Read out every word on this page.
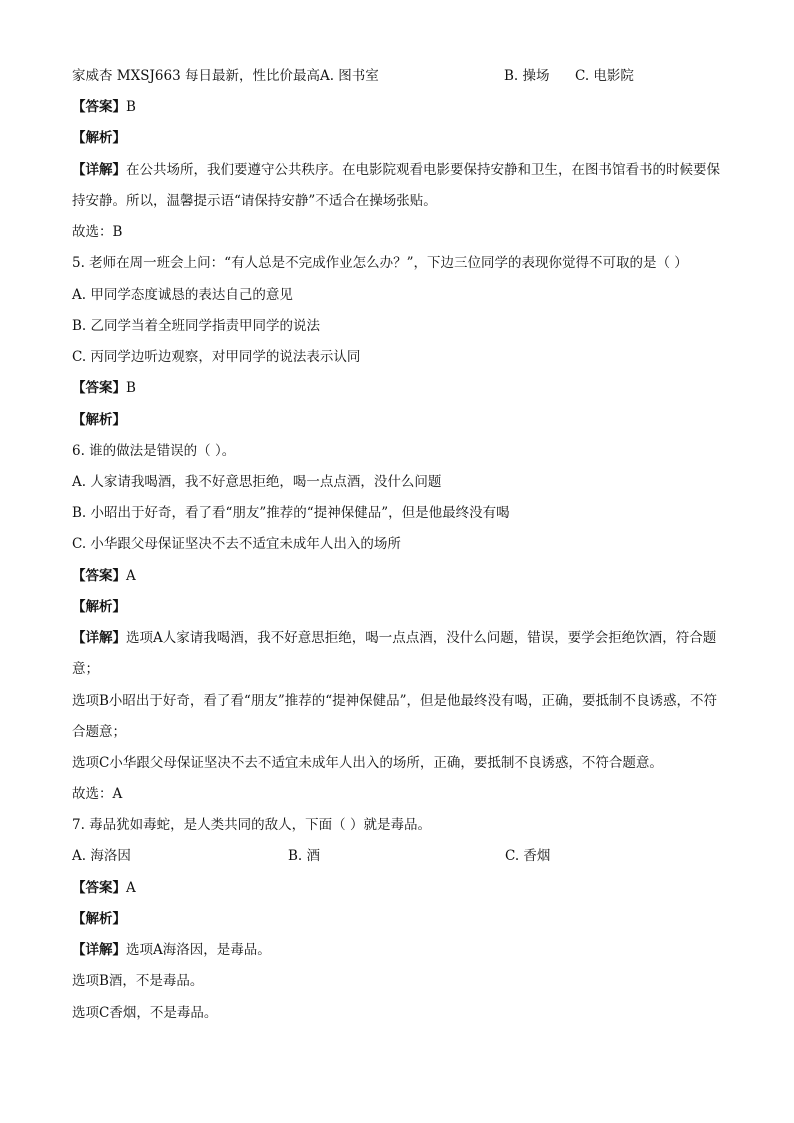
家威杏 MXSJ663 每日最新，性比价最高A. 图书室	B. 操场 C. 电影院
【答案】B
【解析】
【详解】在公共场所，我们要遵守公共秩序。在电影院观看电影要保持安静和卫生，在图书馆看书的时候要保持安静。所以，温馨提示语“请保持安静”不适合在操场张贴。
故选：B
5. 老师在周一班会上问：“有人总是不完成作业怎么办？”，下边三位同学的表现你觉得不可取的是（ ）
A. 甲同学态度诚恳的表达自己的意见
B. 乙同学当着全班同学指责甲同学的说法
C. 丙同学边听边观察，对甲同学的说法表示认同
【答案】B
【解析】
6. 谁的做法是错误的（ ）。
A. 人家请我喝酒，我不好意思拒绝，喝一点点酒，没什么问题
B. 小昭出于好奇，看了看“朋友”推荐的“提神保健品”，但是他最终没有喝
C. 小华跟父母保证坚决不去不适宜未成年人出入的场所
【答案】A
【解析】
【详解】选项A人家请我喝酒，我不好意思拒绝，喝一点点酒，没什么问题，错误，要学会拒绝饮酒，符合题意；
选项B小昭出于好奇，看了看“朋友”推荐的“提神保健品”，但是他最终没有喝，正确，要抵制不良诱惑，不符合题意；
选项C小华跟父母保证坚决不去不适宜未成年人出入的场所，正确，要抵制不良诱惑，不符合题意。
故选：A
7. 毒品犹如毒蛇，是人类共同的敌人，下面（ ）就是毒品。
A. 海洛因	B. 酒	C. 香烟
【答案】A
【解析】
【详解】选项A海洛因，是毒品。
选项B酒，不是毒品。
选项C香烟，不是毒品。
